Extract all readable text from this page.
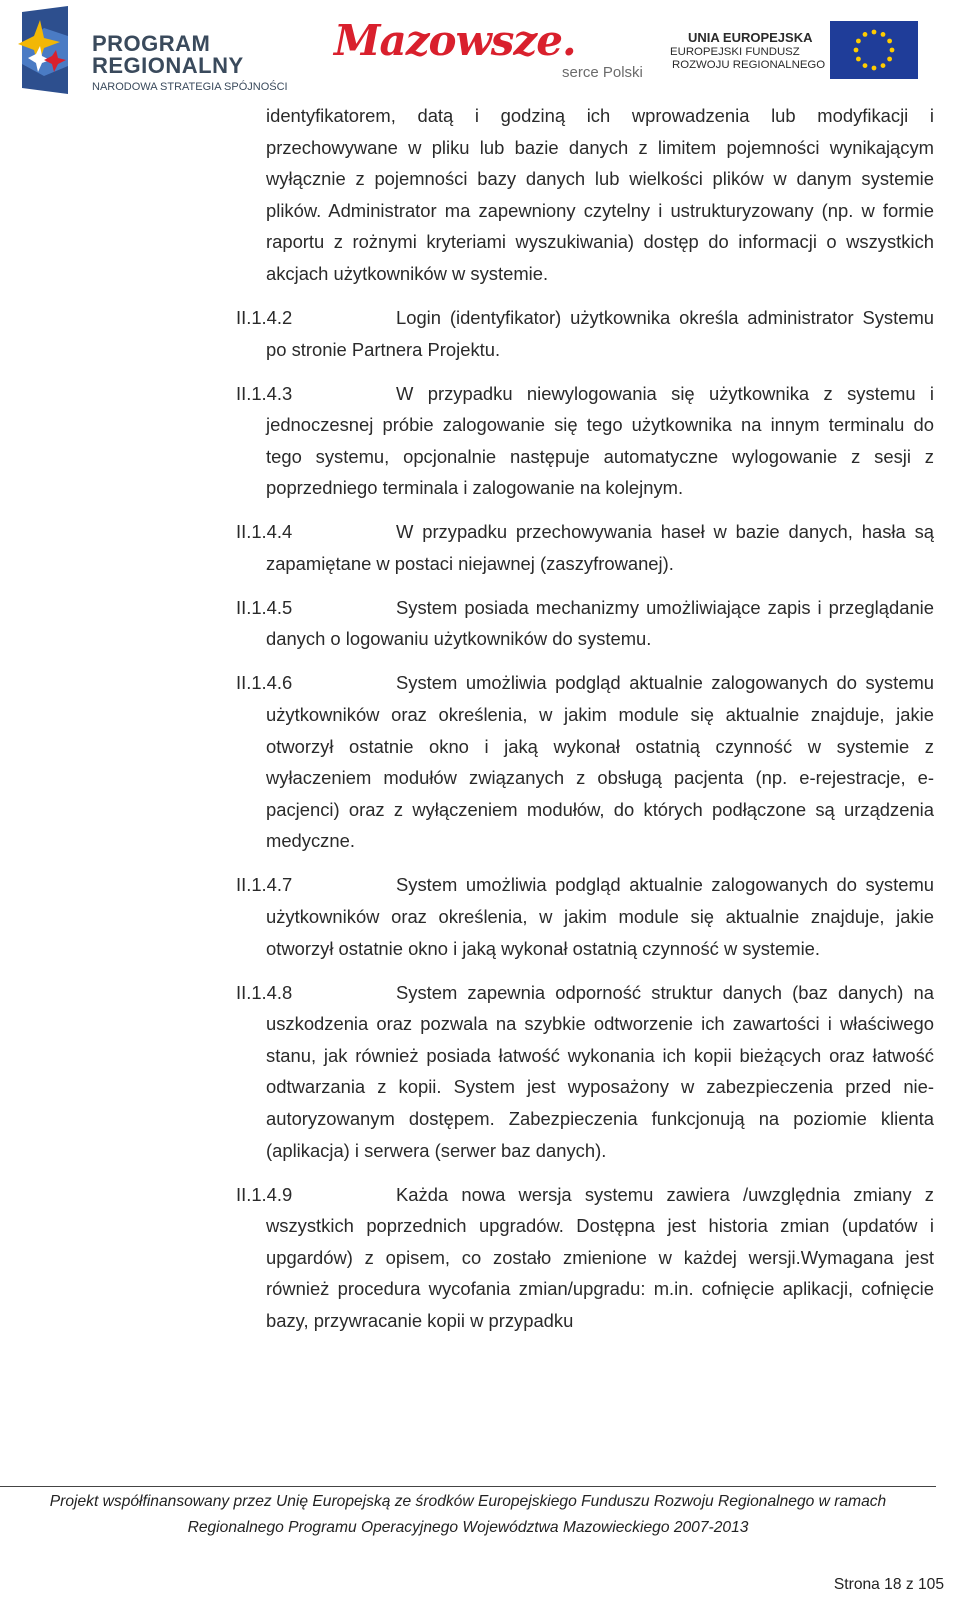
PROGRAM
REGIONALNY
NARODOWA STRATEGIA SPÓJNOŚCI
Mazowsze.
serce Polski
UNIA EUROPEJSKA
EUROPEJSKI FUNDUSZ
ROZWOJU REGIONALNEGO

identyfikatorem, datą i godziną ich wprowadzenia lub modyfikacji i przechowywane w pliku lub bazie danych z limitem pojemności wynikającym wyłącznie z pojemności bazy danych lub wielkości plików w danym systemie plików. Administrator ma zapewniony czytelny i ustrukturyzowany (np. w formie raportu z rożnymi kryteriami wyszukiwania) dostęp do informacji o wszystkich akcjach użytkowników w systemie.

II.1.4.2	Login (identyfikator) użytkownika określa administrator Systemu po stronie Partnera Projektu.

II.1.4.3	W przypadku niewylogowania się użytkownika z systemu i jednoczesnej próbie zalogowanie się tego użytkownika na innym terminalu do tego systemu, opcjonalnie następuje automatyczne wylogowanie z sesji z poprzedniego terminala i zalogowanie na kolejnym.

II.1.4.4	W przypadku przechowywania haseł w bazie danych, hasła są zapamiętane w postaci niejawnej (zaszyfrowanej).

II.1.4.5	System posiada mechanizmy umożliwiające zapis i przeglądanie danych o logowaniu użytkowników do systemu.

II.1.4.6	System umożliwia podgląd aktualnie zalogowanych do systemu użytkowników oraz określenia, w jakim module się aktualnie znajduje, jakie otworzył ostatnie okno i jaką wykonał ostatnią czynność w systemie z wyłaczeniem modułów związanych z obsługą pacjenta (np. e-rejestracje, e-pacjenci) oraz z wyłączeniem modułów, do których podłączone są urządzenia medyczne.

II.1.4.7	System umożliwia podgląd aktualnie zalogowanych do systemu użytkowników oraz określenia, w jakim module się aktualnie znajduje, jakie otworzył ostatnie okno i jaką wykonał ostatnią czynność w systemie.

II.1.4.8	System zapewnia odporność struktur danych (baz danych) na uszkodzenia oraz pozwala na szybkie odtworzenie ich zawartości i właściwego stanu, jak również posiada łatwość wykonania ich kopii bieżących oraz łatwość odtwarzania z kopii. System jest wyposażony w zabezpieczenia przed nie-autoryzowanym dostępem. Zabezpieczenia funkcjonują na poziomie klienta (aplikacja) i serwera (serwer baz danych).

II.1.4.9	Każda nowa wersja systemu zawiera /uwzględnia zmiany z wszystkich poprzednich upgradów. Dostępna jest historia zmian (updatów i upgardów) z opisem, co zostało zmienione w każdej wersji.Wymagana jest również procedura wycofania zmian/upgradu: m.in. cofnięcie aplikacji, cofnięcie bazy, przywracanie kopii w przypadku

Projekt współfinansowany przez Unię Europejską ze środków Europejskiego Funduszu Rozwoju Regionalnego w ramach
Regionalnego Programu Operacyjnego Województwa Mazowieckiego 2007-2013
Strona 18 z 105
